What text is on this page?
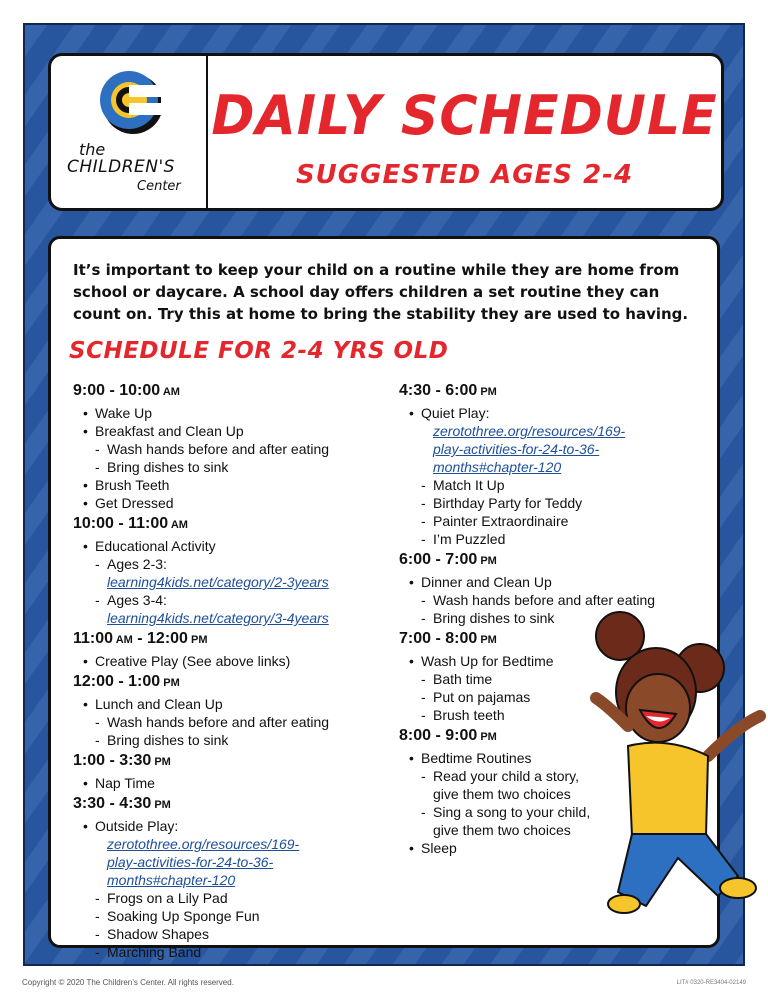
the
CHILDREN'S
Center
DAILY SCHEDULE
SUGGESTED AGES 2-4
It’s important to keep your child on a routine while they are home from school or daycare. A school day offers children a set routine they can count on. Try this at home to bring the stability they are used to having.
SCHEDULE FOR 2-4 YRS OLD
9:00 - 10:00 AM
• Wake Up
• Breakfast and Clean Up
- Wash hands before and after eating
- Bring dishes to sink
• Brush Teeth
• Get Dressed
10:00 - 11:00 AM
• Educational Activity
- Ages 2-3:
learning4kids.net/category/2-3years
- Ages 3-4:
learning4kids.net/category/3-4years
11:00 AM - 12:00 PM
• Creative Play (See above links)
12:00 - 1:00 PM
• Lunch and Clean Up
- Wash hands before and after eating
- Bring dishes to sink
1:00 - 3:30 PM
• Nap Time
3:30 - 4:30 PM
• Outside Play:
zerotothree.org/resources/169-
play-activities-for-24-to-36-
months#chapter-120
- Frogs on a Lily Pad
- Soaking Up Sponge Fun
- Shadow Shapes
- Marching Band
4:30 - 6:00 PM
• Quiet Play:
zerotothree.org/resources/169-
play-activities-for-24-to-36-
months#chapter-120
- Match It Up
- Birthday Party for Teddy
- Painter Extraordinaire
- I’m Puzzled
6:00 - 7:00 PM
• Dinner and Clean Up
- Wash hands before and after eating
- Bring dishes to sink
7:00 - 8:00 PM
• Wash Up for Bedtime
- Bath time
- Put on pajamas
- Brush teeth
8:00 - 9:00 PM
• Bedtime Routines
- Read your child a story,
give them two choices
- Sing a song to your child,
give them two choices
• Sleep
Copyright © 2020 The Children’s Center. All rights reserved.	LIT# 0320-RE3404-02149
